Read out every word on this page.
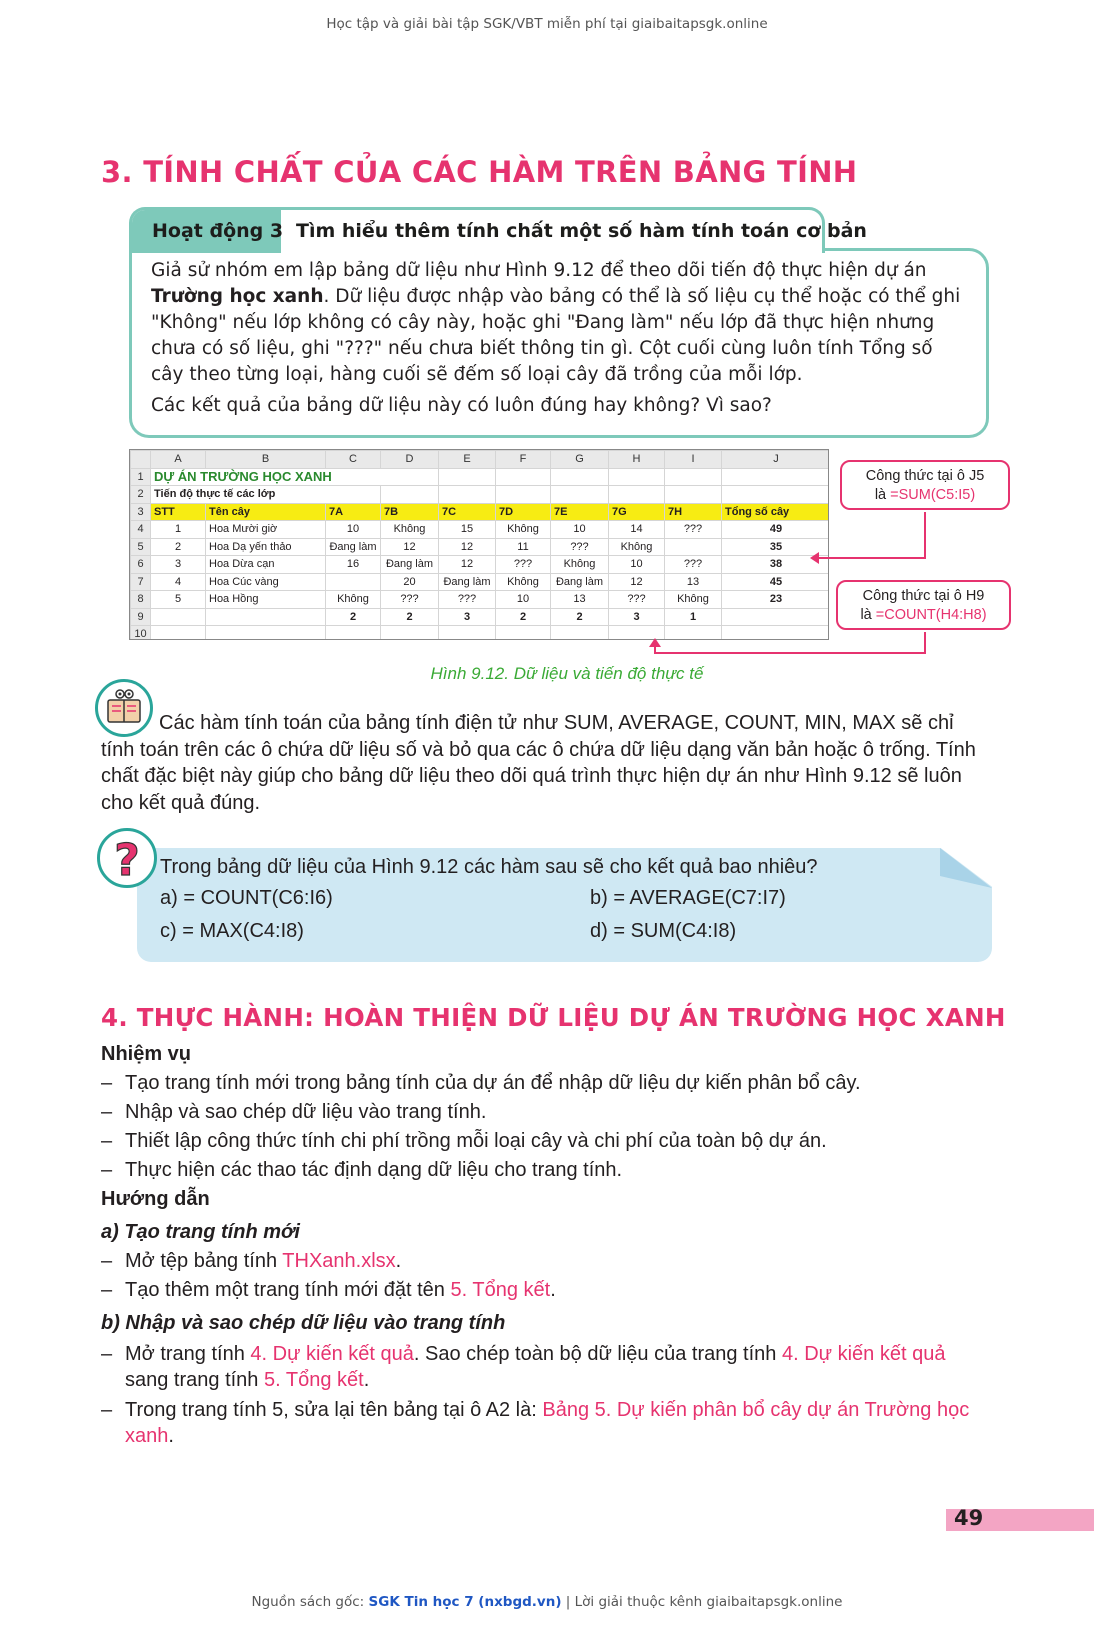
Học tập và giải bài tập SGK/VBT miễn phí tại giaibaitapsgk.online
3. TÍNH CHẤT CỦA CÁC HÀM TRÊN BẢNG TÍNH
Hoạt động 3 Tìm hiểu thêm tính chất một số hàm tính toán cơ bản

Giả sử nhóm em lập bảng dữ liệu như Hình 9.12 để theo dõi tiến độ thực hiện dự án Trường học xanh. Dữ liệu được nhập vào bảng có thể là số liệu cụ thể hoặc có thể ghi "Không" nếu lớp không có cây này, hoặc ghi "Đang làm" nếu lớp đã thực hiện nhưng chưa có số liệu, ghi "???" nếu chưa biết thông tin gì. Cột cuối cùng luôn tính Tổng số cây theo từng loại, hàng cuối sẽ đếm số loại cây đã trồng của mỗi lớp.

Các kết quả của bảng dữ liệu này có luôn đúng hay không? Vì sao?

	A	B	C	D	E	F	G	H	I	J
1	DỰ ÁN TRƯỜNG HỌC XANH									
2	Tiến độ thực tế các lớp									
3	STT	Tên cây	7A	7B	7C	7D	7E	7G	7H	Tổng số cây
4	1	Hoa Mười giờ	10	Không	15	Không	10	14	???	49
5	2	Hoa Dạ yến thảo	Đang làm	12	12	11	???	Không		35
6	3	Hoa Dừa cạn	16	Đang làm	12	???	Không	10	???	38
7	4	Hoa Cúc vàng		20	Đang làm	Không	Đang làm	12	13	45
8	5	Hoa Hồng	Không	???	???	10	13	???	Không	23
9			2	2	3	2	2	3	1	
10										
Công thức tại ô J5
là =SUM(C5:I5)
Công thức tại ô H9
là =COUNT(H4:H8)
Hình 9.12. Dữ liệu và tiến độ thực tế
Các hàm tính toán của bảng tính điện tử như SUM, AVERAGE, COUNT, MIN, MAX sẽ chỉ tính toán trên các ô chứa dữ liệu số và bỏ qua các ô chứa dữ liệu dạng văn bản hoặc ô trống. Tính chất đặc biệt này giúp cho bảng dữ liệu theo dõi quá trình thực hiện dự án như Hình 9.12 sẽ luôn cho kết quả đúng.
? Trong bảng dữ liệu của Hình 9.12 các hàm sau sẽ cho kết quả bao nhiêu?
a) = COUNT(C6:I6)	b) = AVERAGE(C7:I7)
c) = MAX(C4:I8)	d) = SUM(C4:I8)
4. THỰC HÀNH: HOÀN THIỆN DỮ LIỆU DỰ ÁN TRƯỜNG HỌC XANH
Nhiệm vụ
– Tạo trang tính mới trong bảng tính của dự án để nhập dữ liệu dự kiến phân bổ cây.
– Nhập và sao chép dữ liệu vào trang tính.
– Thiết lập công thức tính chi phí trồng mỗi loại cây và chi phí của toàn bộ dự án.
– Thực hiện các thao tác định dạng dữ liệu cho trang tính.
Hướng dẫn
a) Tạo trang tính mới
– Mở tệp bảng tính THXanh.xlsx.
– Tạo thêm một trang tính mới đặt tên 5. Tổng kết.
b) Nhập và sao chép dữ liệu vào trang tính
– Mở trang tính 4. Dự kiến kết quả. Sao chép toàn bộ dữ liệu của trang tính 4. Dự kiến kết quả sang trang tính 5. Tổng kết.
– Trong trang tính 5, sửa lại tên bảng tại ô A2 là: Bảng 5. Dự kiến phân bổ cây dự án Trường học xanh.
49
Nguồn sách gốc: SGK Tin học 7 (nxbgd.vn) | Lời giải thuộc kênh giaibaitapsgk.online
